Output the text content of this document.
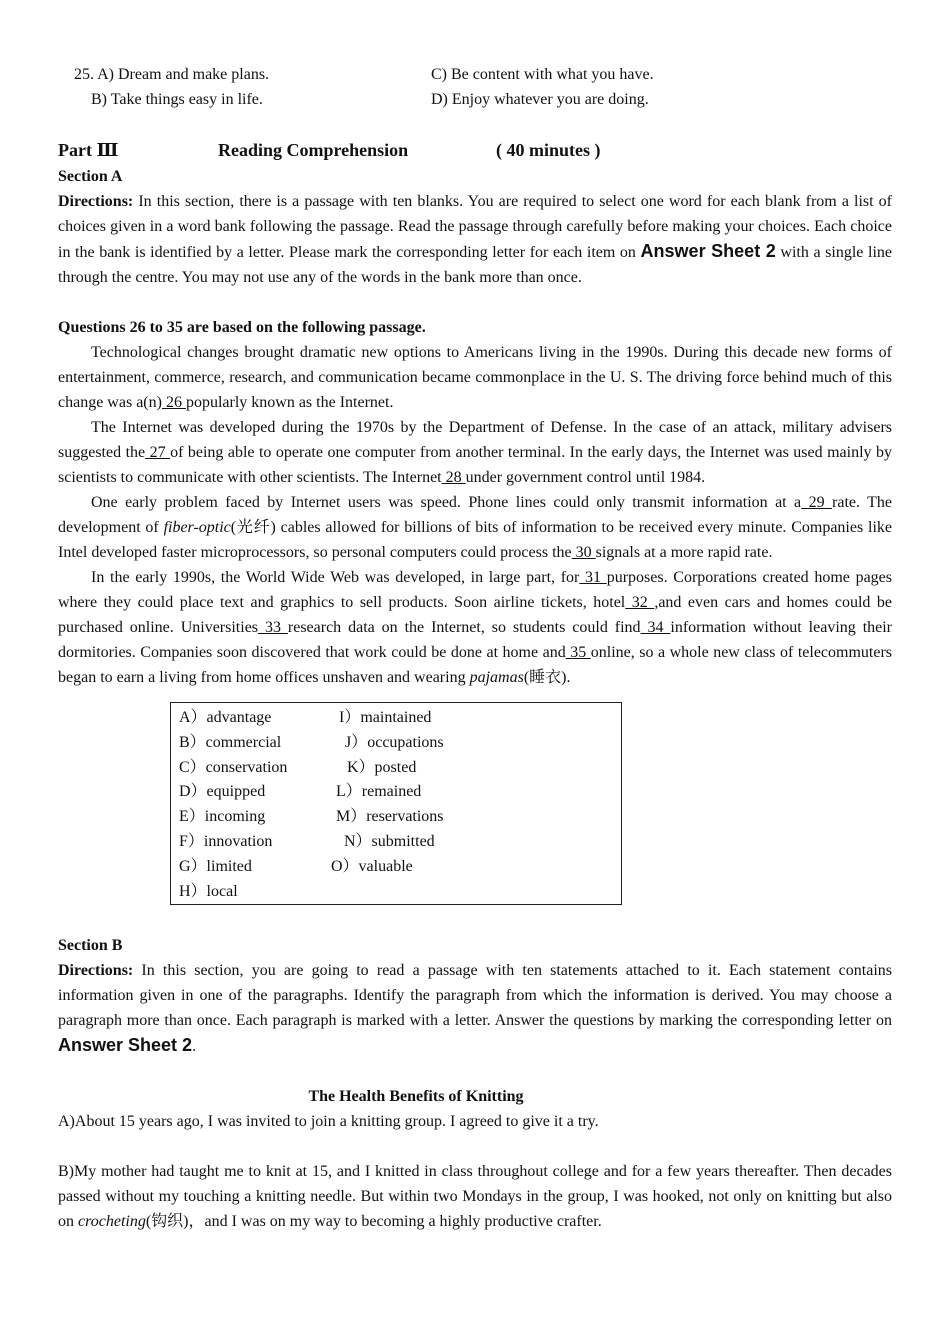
25. A) Dream and make plans.
B) Take things easy in life.
C) Be content with what you have.
D) Enjoy whatever you are doing.
Part Ⅲ	Reading Comprehension	( 40 minutes )
Section A
Directions: In this section, there is a passage with ten blanks. You are required to select one word for each blank from a list of choices given in a word bank following the passage. Read the passage through carefully before making your choices. Each choice in the bank is identified by a letter. Please mark the corresponding letter for each item on Answer Sheet 2 with a single line through the centre. You may not use any of the words in the bank more than once.
Questions 26 to 35 are based on the following passage.
Technological changes brought dramatic new options to Americans living in the 1990s. During this decade new forms of entertainment, commerce, research, and communication became commonplace in the U. S. The driving force behind much of this change was a(n) 26 popularly known as the Internet.
The Internet was developed during the 1970s by the Department of Defense. In the case of an attack, military advisers suggested the 27 of being able to operate one computer from another terminal. In the early days, the Internet was used mainly by scientists to communicate with other scientists. The Internet 28 under government control until 1984.
One early problem faced by Internet users was speed. Phone lines could only transmit information at a 29 rate. The development of fiber-optic(光纤) cables allowed for billions of bits of information to be received every minute. Companies like Intel developed faster microprocessors, so personal computers could process the 30 signals at a more rapid rate.
In the early 1990s, the World Wide Web was developed, in large part, for 31 purposes. Corporations created home pages where they could place text and graphics to sell products. Soon airline tickets, hotel 32 ,and even cars and homes could be purchased online. Universities 33 research data on the Internet, so students could find 34 information without leaving their dormitories. Companies soon discovered that work could be done at home and 35 online, so a whole new class of telecommuters began to earn a living from home offices unshaven and wearing pajamas(睡衣).
A）advantage	I）maintained
B）commercial	J）occupations
C）conservation	K）posted
D）equipped	L）remained
E）incoming	M）reservations
F）innovation	N）submitted
G）limited	O）valuable
H）local
Section B
Directions: In this section, you are going to read a passage with ten statements attached to it. Each statement contains information given in one of the paragraphs. Identify the paragraph from which the information is derived. You may choose a paragraph more than once. Each paragraph is marked with a letter. Answer the questions by marking the corresponding letter on Answer Sheet 2.
The Health Benefits of Knitting
A)About 15 years ago, I was invited to join a knitting group. I agreed to give it a try.
B)My mother had taught me to knit at 15, and I knitted in class throughout college and for a few years thereafter. Then decades passed without my touching a knitting needle. But within two Mondays in the group, I was hooked, not only on knitting but also on crocheting(钩织)，and I was on my way to becoming a highly productive crafter.
